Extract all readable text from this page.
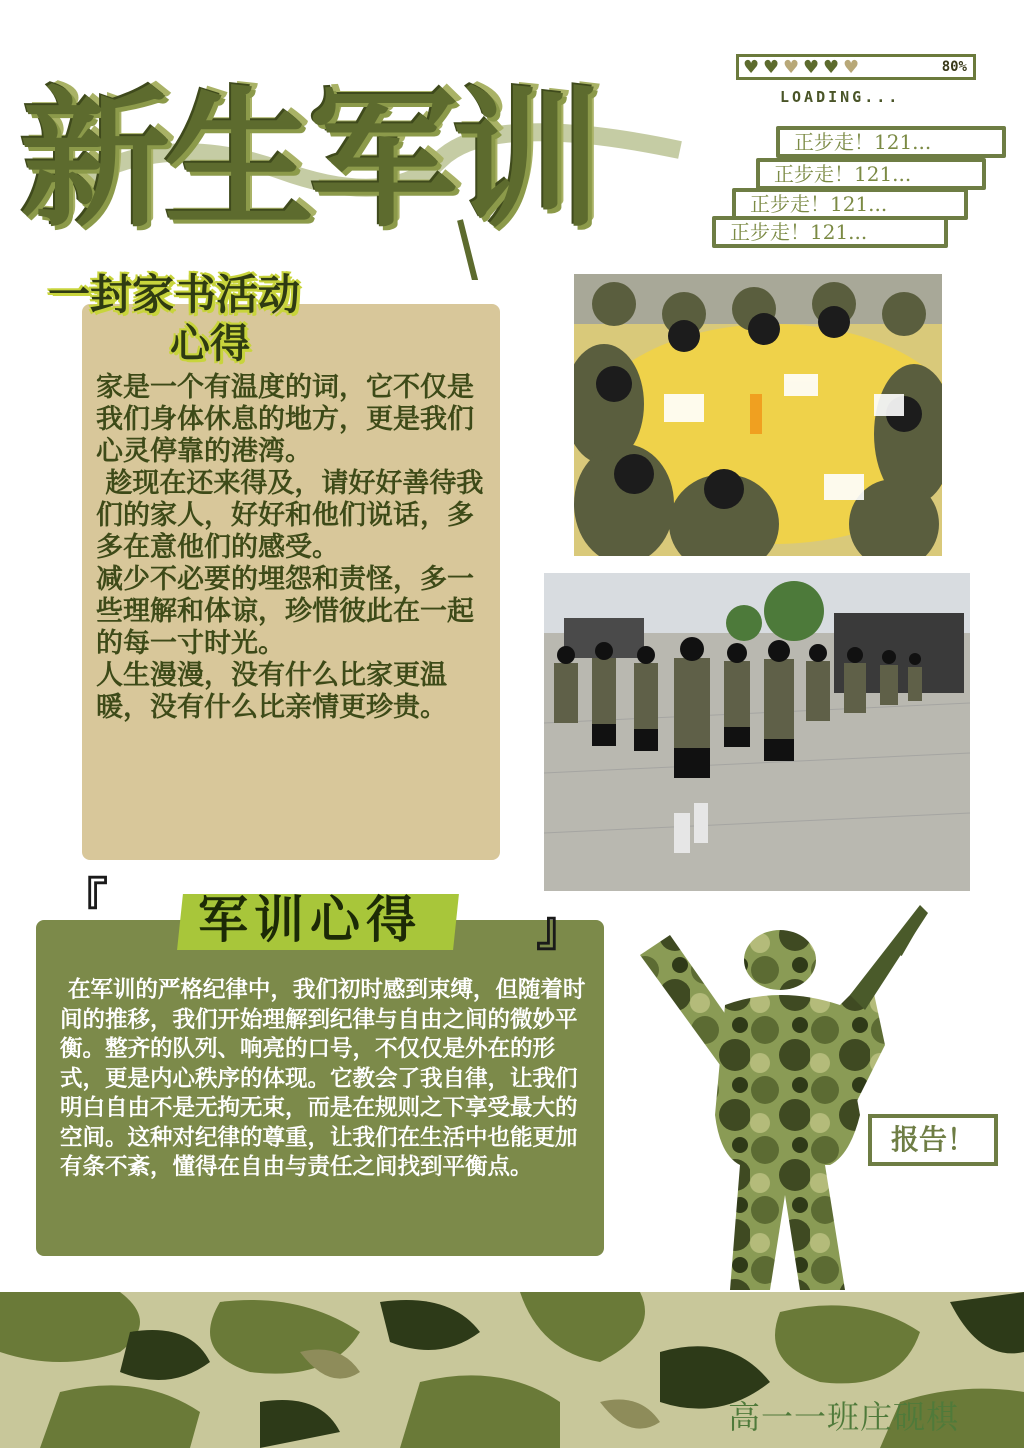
新生军训
♥ ♥ ♥ ♥ ♥ ♥	80%
LOADING...
正步走！121...
正步走！121...
正步走！121...
正步走！121...
一封家书活动
心得
家是一个有温度的词，它不仅是我们身体休息的地方，更是我们心灵停靠的港湾。
趁现在还来得及，请好好善待我们的家人，好好和他们说话，多多在意他们的感受。
减少不必要的埋怨和责怪，多一些理解和体谅，珍惜彼此在一起的每一寸时光。
人生漫漫，没有什么比家更温暖，没有什么比亲情更珍贵。
军训心得
『	』
在军训的严格纪律中，我们初时感到束缚，但随着时间的推移，我们开始理解到纪律与自由之间的微妙平衡。整齐的队列、响亮的口号，不仅仅是外在的形式，更是内心秩序的体现。它教会了我自律，让我们明白自由不是无拘无束，而是在规则之下享受最大的空间。这种对纪律的尊重，让我们在生活中也能更加有条不紊，懂得在自由与责任之间找到平衡点。
报告！
高一一班庄砚棋
